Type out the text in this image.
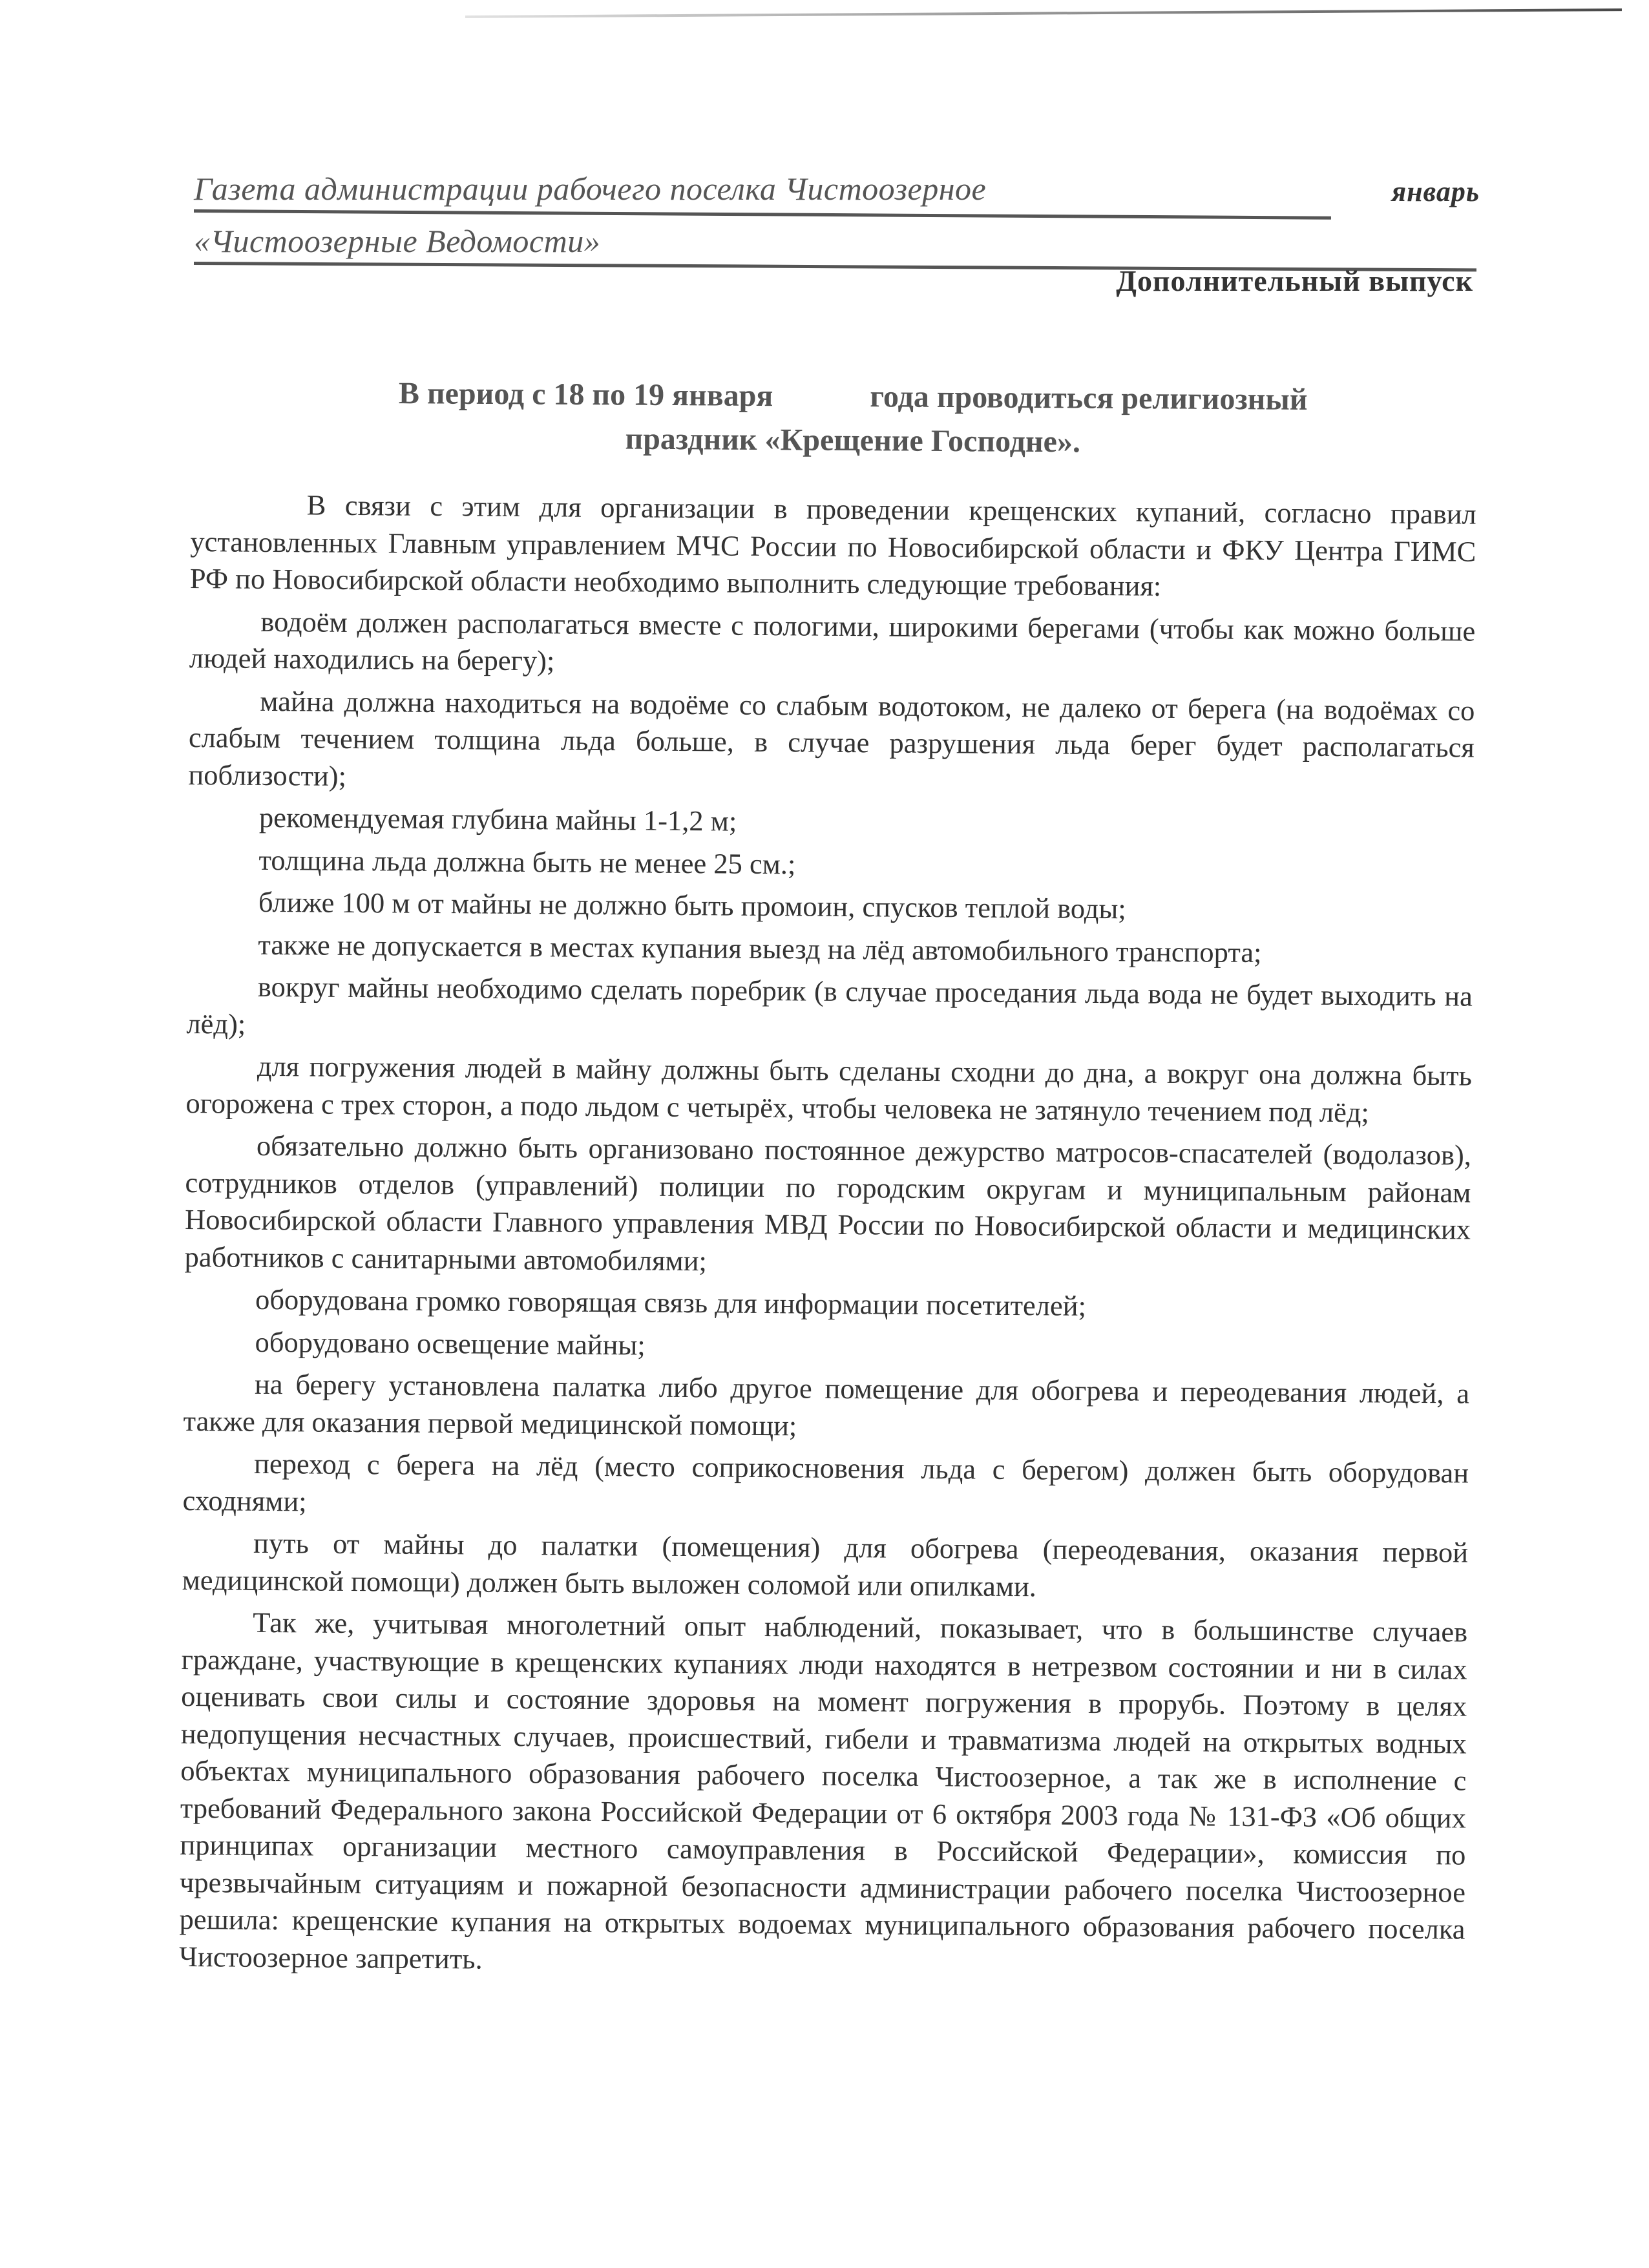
Газета администрации рабочего поселка Чистоозерное	январь
«Чистоозерные Ведомости»
Дополнительный выпуск
В период с 18 по 19 января	года проводиться религиозный
праздник «Крещение Господне».

В связи с этим для организации в проведении крещенских купаний, согласно правил установленных Главным управлением МЧС России по Новосибирской области и ФКУ Центра ГИМС РФ по Новосибирской области необходимо выполнить следующие требования:

водоём должен располагаться вместе с пологими, широкими берегами (чтобы как можно больше людей находились на берегу);

майна должна находиться на водоёме со слабым водотоком, не далеко от берега (на водоёмах со слабым течением толщина льда больше, в случае разрушения льда берег будет располагаться поблизости);

рекомендуемая глубина майны 1-1,2 м;

толщина льда должна быть не менее 25 см.;

ближе 100 м от майны не должно быть промоин, спусков теплой воды;

также не допускается в местах купания выезд на лёд автомобильного транспорта;

вокруг майны необходимо сделать поребрик (в случае проседания льда вода не будет выходить на лёд);

для погружения людей в майну должны быть сделаны сходни до дна, а вокруг она должна быть огорожена с трех сторон, а подо льдом с четырёх, чтобы человека не затянуло течением под лёд;

обязательно должно быть организовано постоянное дежурство матросов-спасателей (водолазов), сотрудников отделов (управлений) полиции по городским округам и муниципальным районам Новосибирской области Главного управления МВД России по Новосибирской области и медицинских работников с санитарными автомобилями;

оборудована громко говорящая связь для информации посетителей;

оборудовано освещение майны;

на берегу установлена палатка либо другое помещение для обогрева и переодевания людей, а также для оказания первой медицинской помощи;

переход с берега на лёд (место соприкосновения льда с берегом) должен быть оборудован сходнями;

путь от майны до палатки (помещения) для обогрева (переодевания, оказания первой медицинской помощи) должен быть выложен соломой или опилками.

Так же, учитывая многолетний опыт наблюдений, показывает, что в большинстве случаев граждане, участвующие в крещенских купаниях люди находятся в нетрезвом состоянии и ни в силах оценивать свои силы и состояние здоровья на момент погружения в прорубь. Поэтому в целях недопущения несчастных случаев, происшествий, гибели и травматизма людей на открытых водных объектах муниципального образования рабочего поселка Чистоозерное, а так же в исполнение с требований Федерального закона Российской Федерации от 6 октября 2003 года № 131-ФЗ «Об общих принципах организации местного самоуправления в Российской Федерации», комиссия по чрезвычайным ситуациям и пожарной безопасности администрации рабочего поселка Чистоозерное решила: крещенские купания на открытых водоемах муниципального образования рабочего поселка Чистоозерное запретить.
